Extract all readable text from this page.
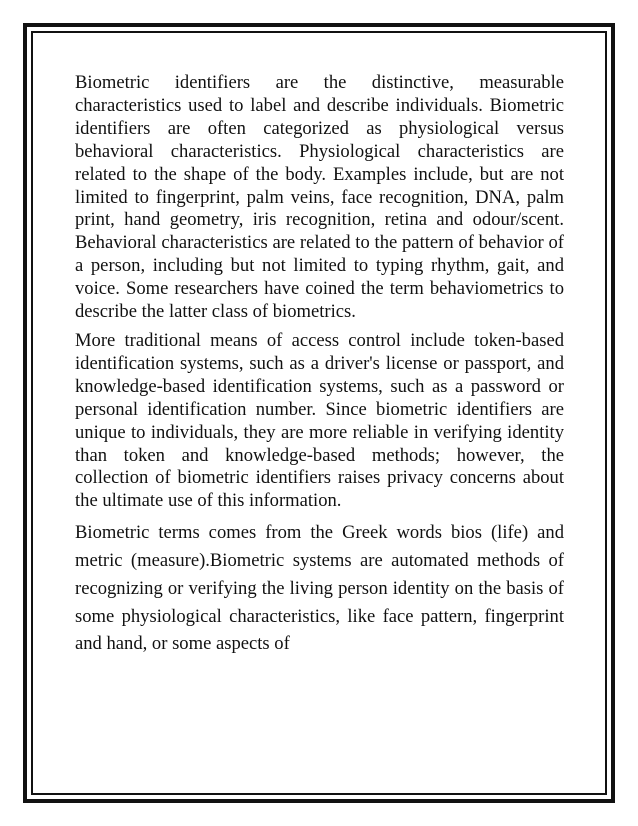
Biometric identifiers are the distinctive, measurable characteristics used to label and describe individuals. Biometric identifiers are often categorized as physiological versus behavioral characteristics. Physiological characteristics are related to the shape of the body. Examples include, but are not limited to fingerprint, palm veins, face recognition, DNA, palm print, hand geometry, iris recognition, retina and odour/scent. Behavioral characteristics are related to the pattern of behavior of a person, including but not limited to typing rhythm, gait, and voice. Some researchers have coined the term behaviometrics to describe the latter class of biometrics.

More traditional means of access control include token-based identification systems, such as a driver's license or passport, and knowledge-based identification systems, such as a password or personal identification number. Since biometric identifiers are unique to individuals, they are more reliable in verifying identity than token and knowledge-based methods; however, the collection of biometric identifiers raises privacy concerns about the ultimate use of this information.

Biometric terms comes from the Greek words bios (life) and metric (measure).Biometric systems are automated methods of recognizing or verifying the living person identity on the basis of some physiological characteristics, like face pattern, fingerprint and hand, or some aspects of
